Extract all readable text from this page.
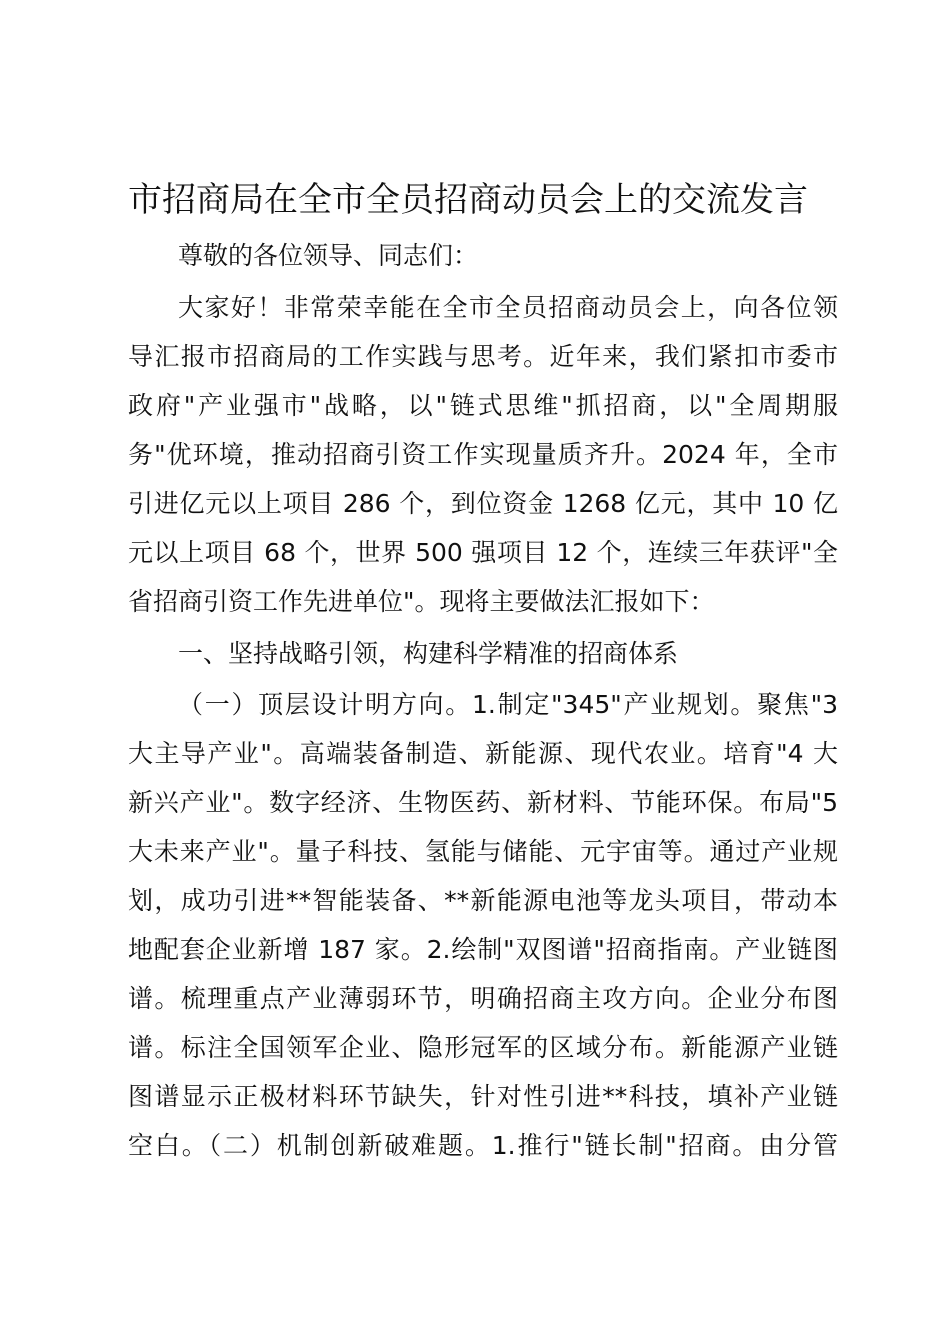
市招商局在全市全员招商动员会上的交流发言
尊敬的各位领导、同志们：
大家好！非常荣幸能在全市全员招商动员会上，向各位领
导汇报市招商局的工作实践与思考。近年来，我们紧扣市委市
政府"产业强市"战略，以"链式思维"抓招商，以"全周期服
务"优环境，推动招商引资工作实现量质齐升。2024 年，全市
引进亿元以上项目 286 个，到位资金 1268 亿元，其中 10 亿
元以上项目 68 个，世界 500 强项目 12 个，连续三年获评"全
省招商引资工作先进单位"。现将主要做法汇报如下：
一、坚持战略引领，构建科学精准的招商体系
（一）顶层设计明方向。1.制定"345"产业规划。聚焦"3
大主导产业"。高端装备制造、新能源、现代农业。培育"4 大
新兴产业"。数字经济、生物医药、新材料、节能环保。布局"5
大未来产业"。量子科技、氢能与储能、元宇宙等。通过产业规
划，成功引进**智能装备、**新能源电池等龙头项目，带动本
地配套企业新增 187 家。2.绘制"双图谱"招商指南。产业链图
谱。梳理重点产业薄弱环节，明确招商主攻方向。企业分布图
谱。标注全国领军企业、隐形冠军的区域分布。新能源产业链
图谱显示正极材料环节缺失，针对性引进**科技，填补产业链
空白。（二）机制创新破难题。1.推行"链长制"招商。由分管
